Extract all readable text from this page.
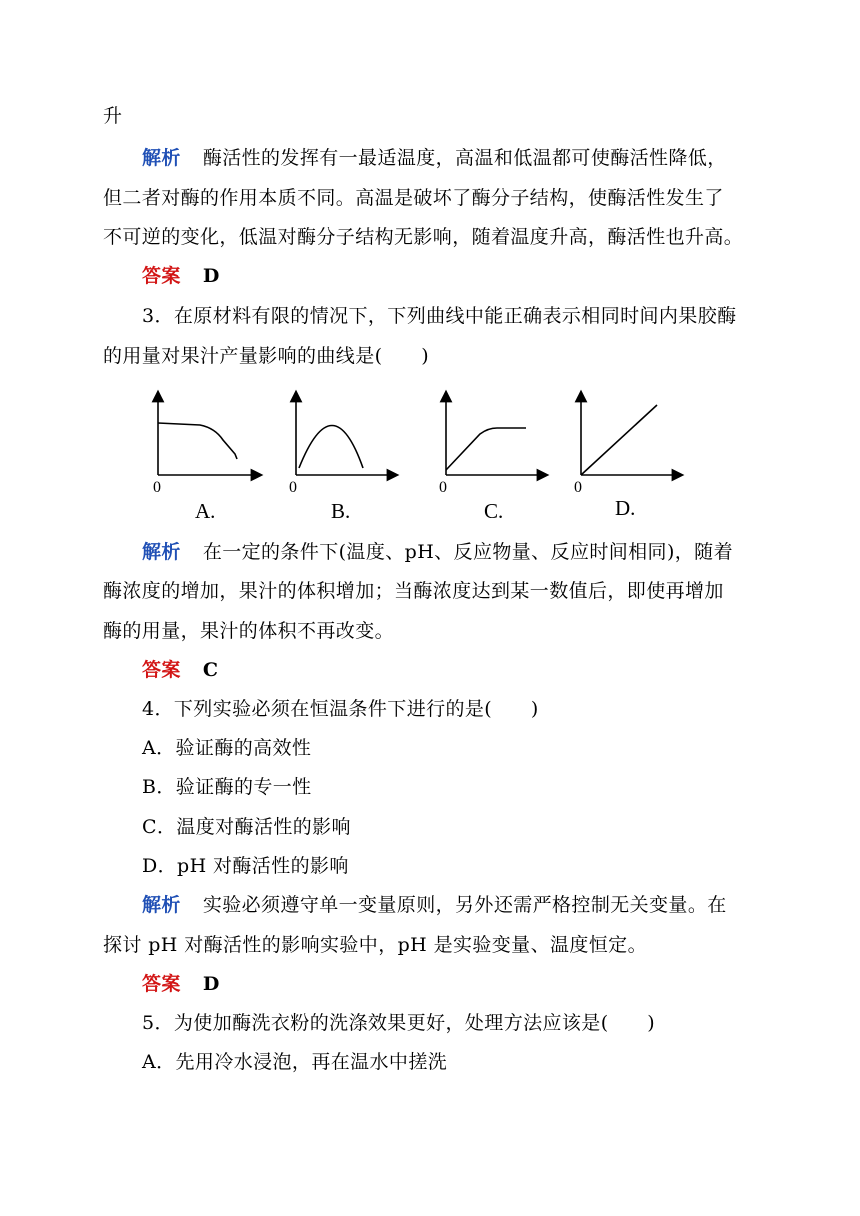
升
解析 酶活性的发挥有一最适温度，高温和低温都可使酶活性降低，
但二者对酶的作用本质不同。高温是破坏了酶分子结构，使酶活性发生了
不可逆的变化，低温对酶分子结构无影响，随着温度升高，酶活性也升高。
答案 D
3．在原材料有限的情况下，下列曲线中能正确表示相同时间内果胶酶
的用量对果汁产量影响的曲线是(　　)
0
A.
0
B.
0
C.
0
D.
解析 在一定的条件下(温度、pH、反应物量、反应时间相同)，随着
酶浓度的增加，果汁的体积增加；当酶浓度达到某一数值后，即使再增加
酶的用量，果汁的体积不再改变。
答案 C
4．下列实验必须在恒温条件下进行的是(　　)
A．验证酶的高效性
B．验证酶的专一性
C．温度对酶活性的影响
D．pH 对酶活性的影响
解析 实验必须遵守单一变量原则，另外还需严格控制无关变量。在
探讨 pH 对酶活性的影响实验中，pH 是实验变量、温度恒定。
答案 D
5．为使加酶洗衣粉的洗涤效果更好，处理方法应该是(　　)
A．先用冷水浸泡，再在温水中搓洗
